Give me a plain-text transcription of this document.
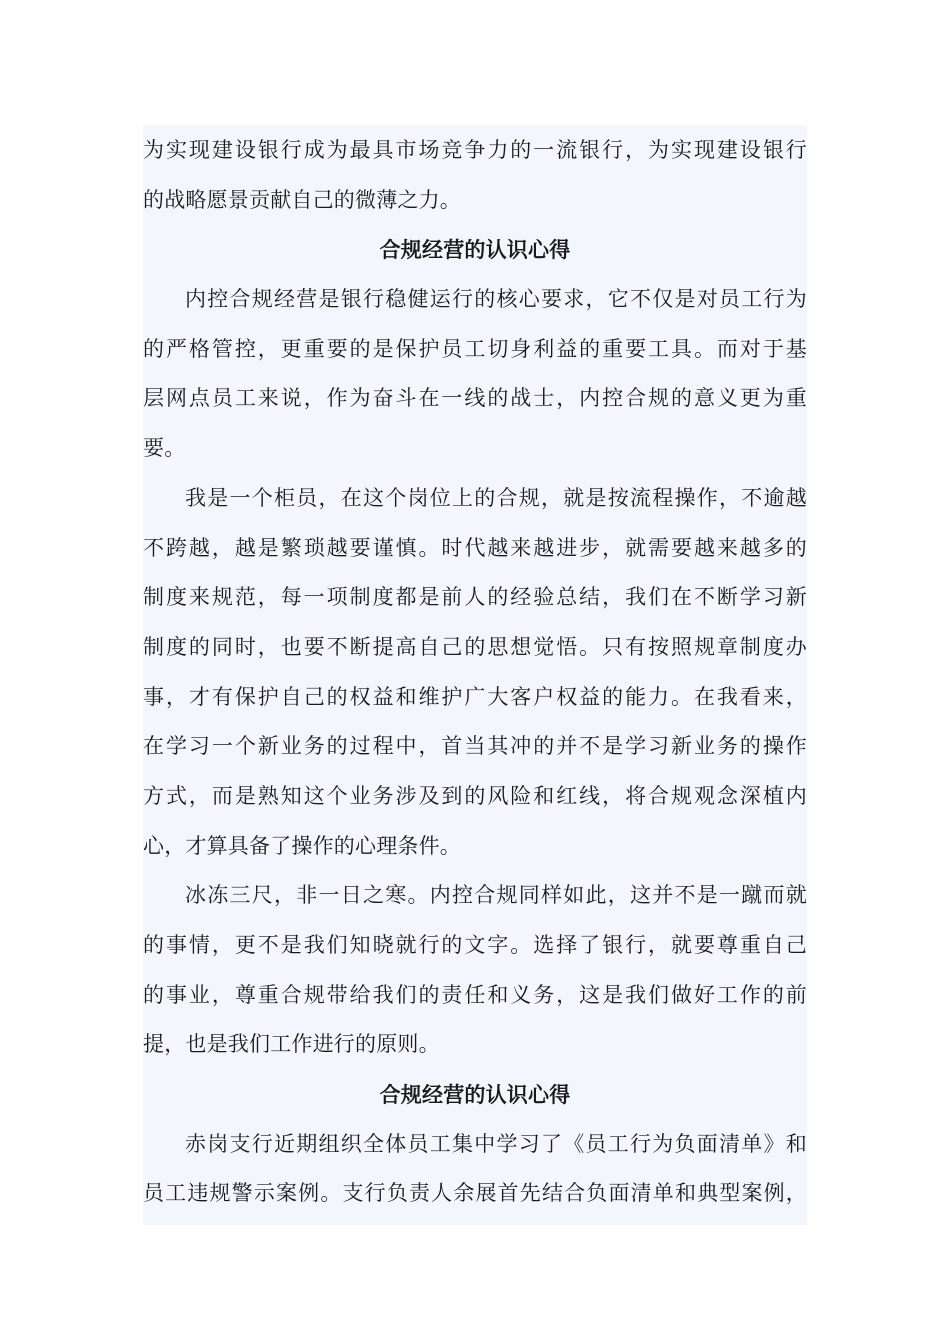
为实现建设银行成为最具市场竞争力的一流银行，为实现建设银行
的战略愿景贡献自己的微薄之力。
合规经营的认识心得
内控合规经营是银行稳健运行的核心要求，它不仅是对员工行为
的严格管控，更重要的是保护员工切身利益的重要工具。而对于基
层网点员工来说，作为奋斗在一线的战士，内控合规的意义更为重
要。
我是一个柜员，在这个岗位上的合规，就是按流程操作，不逾越
不跨越，越是繁琐越要谨慎。时代越来越进步，就需要越来越多的
制度来规范，每一项制度都是前人的经验总结，我们在不断学习新
制度的同时，也要不断提高自己的思想觉悟。只有按照规章制度办
事，才有保护自己的权益和维护广大客户权益的能力。在我看来，
在学习一个新业务的过程中，首当其冲的并不是学习新业务的操作
方式，而是熟知这个业务涉及到的风险和红线，将合规观念深植内
心，才算具备了操作的心理条件。
冰冻三尺，非一日之寒。内控合规同样如此，这并不是一蹴而就
的事情，更不是我们知晓就行的文字。选择了银行，就要尊重自己
的事业，尊重合规带给我们的责任和义务，这是我们做好工作的前
提，也是我们工作进行的原则。
合规经营的认识心得
赤岗支行近期组织全体员工集中学习了《员工行为负面清单》和
员工违规警示案例。支行负责人余展首先结合负面清单和典型案例，
